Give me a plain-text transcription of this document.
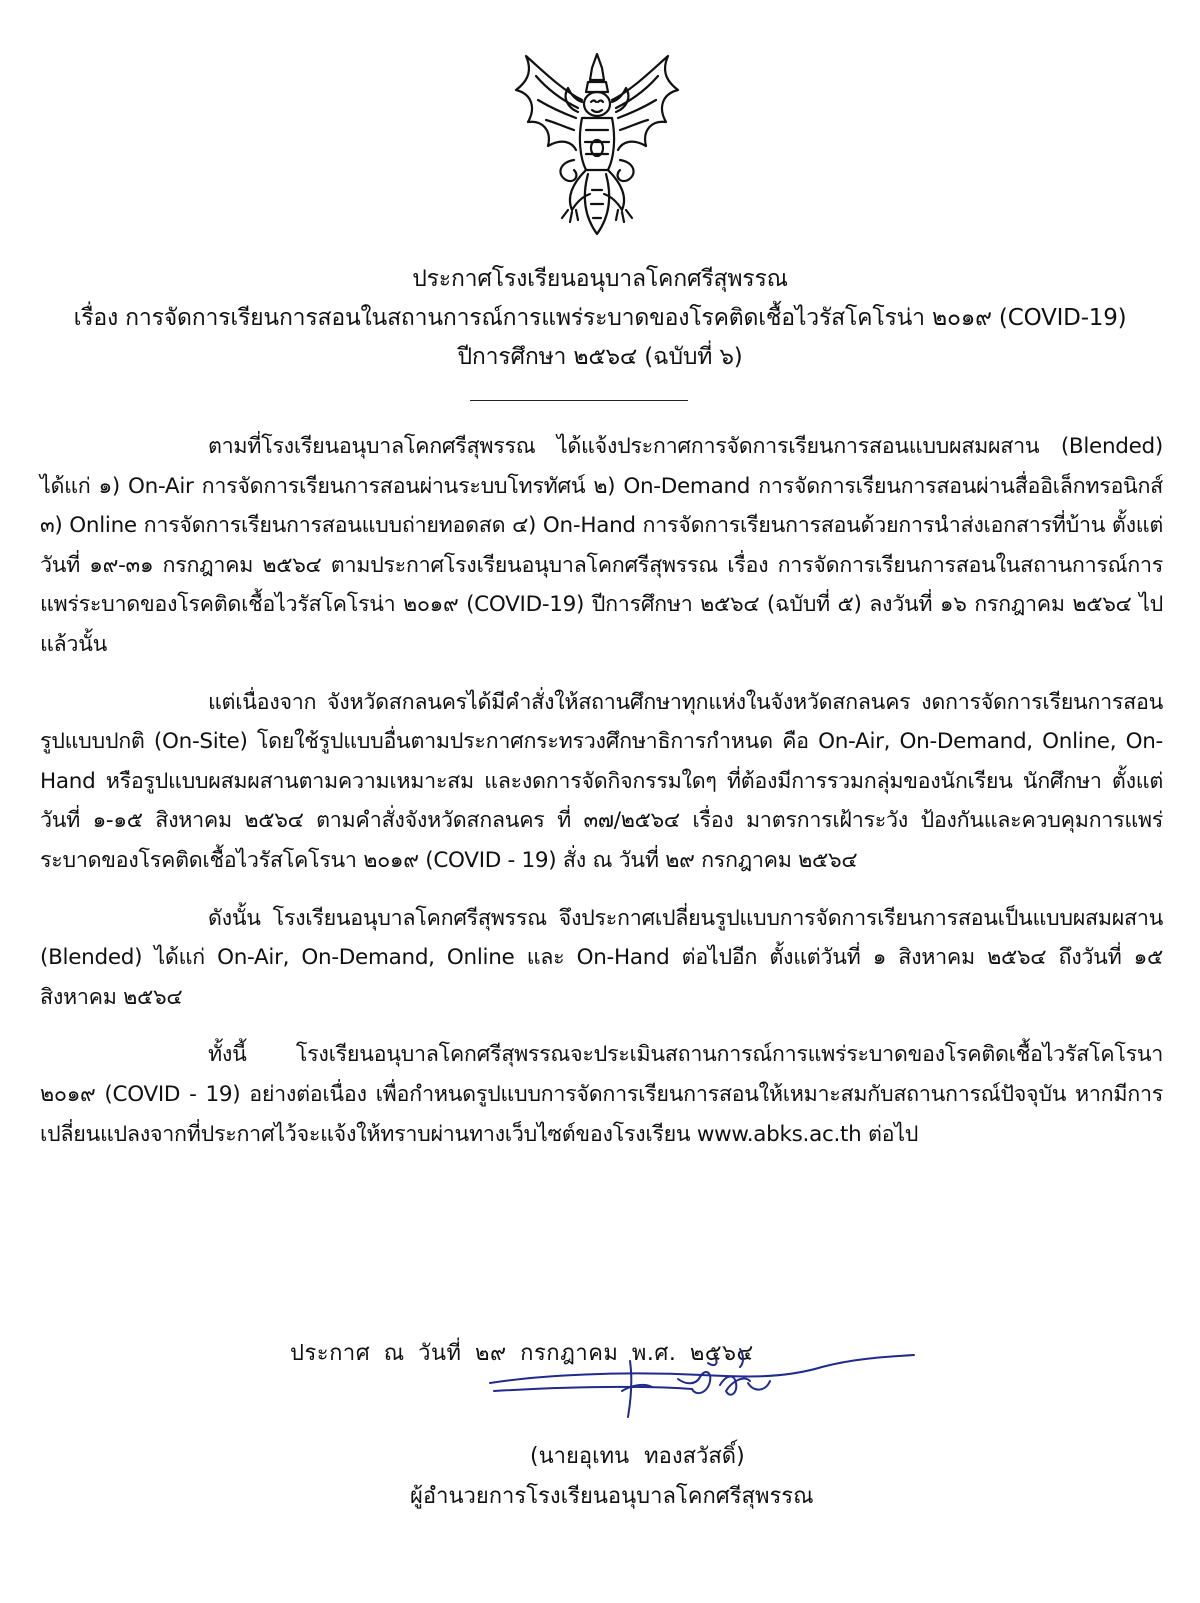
ประกาศโรงเรียนอนุบาลโคกศรีสุพรรณ
เรื่อง การจัดการเรียนการสอนในสถานการณ์การแพร่ระบาดของโรคติดเชื้อไวรัสโคโรน่า ๒๐๑๙ (COVID-19)
ปีการศึกษา ๒๕๖๔ (ฉบับที่ ๖)

ตามที่โรงเรียนอนุบาลโคกศรีสุพรรณ ได้แจ้งประกาศการจัดการเรียนการสอนแบบผสมผสาน (Blended) ได้แก่ ๑) On-Air การจัดการเรียนการสอนผ่านระบบโทรทัศน์ ๒) On-Demand การจัดการเรียนการสอนผ่านสื่ออิเล็กทรอนิกส์ ๓) Online การจัดการเรียนการสอนแบบถ่ายทอดสด ๔) On-Hand การจัดการเรียนการสอนด้วยการนำส่งเอกสารที่บ้าน ตั้งแต่วันที่ ๑๙-๓๑ กรกฎาคม ๒๕๖๔ ตามประกาศโรงเรียนอนุบาลโคกศรีสุพรรณ เรื่อง การจัดการเรียนการสอนในสถานการณ์การแพร่ระบาดของโรคติดเชื้อไวรัสโคโรน่า ๒๐๑๙ (COVID-19) ปีการศึกษา ๒๕๖๔ (ฉบับที่ ๕) ลงวันที่ ๑๖ กรกฎาคม ๒๕๖๔ ไปแล้วนั้น

แต่เนื่องจาก จังหวัดสกลนครได้มีคำสั่งให้สถานศึกษาทุกแห่งในจังหวัดสกลนคร งดการจัดการเรียนการสอนรูปแบบปกติ (On-Site) โดยใช้รูปแบบอื่นตามประกาศกระทรวงศึกษาธิการกำหนด คือ On-Air, On-Demand, Online, On-Hand หรือรูปแบบผสมผสานตามความเหมาะสม และงดการจัดกิจกรรมใดๆ ที่ต้องมีการรวมกลุ่มของนักเรียน นักศึกษา ตั้งแต่วันที่ ๑-๑๕ สิงหาคม ๒๕๖๔ ตามคำสั่งจังหวัดสกลนคร ที่ ๓๗/๒๕๖๔ เรื่อง มาตรการเฝ้าระวัง ป้องกันและควบคุมการแพร่ระบาดของโรคติดเชื้อไวรัสโคโรนา ๒๐๑๙ (COVID - 19) สั่ง ณ วันที่ ๒๙ กรกฎาคม ๒๕๖๔

ดังนั้น โรงเรียนอนุบาลโคกศรีสุพรรณ จึงประกาศเปลี่ยนรูปแบบการจัดการเรียนการสอนเป็นแบบผสมผสาน (Blended) ได้แก่ On-Air, On-Demand, Online และ On-Hand ต่อไปอีก ตั้งแต่วันที่ ๑ สิงหาคม ๒๕๖๔ ถึงวันที่ ๑๕ สิงหาคม ๒๕๖๔

ทั้งนี้ โรงเรียนอนุบาลโคกศรีสุพรรณจะประเมินสถานการณ์การแพร่ระบาดของโรคติดเชื้อไวรัสโคโรนา ๒๐๑๙ (COVID - 19) อย่างต่อเนื่อง เพื่อกำหนดรูปแบบการจัดการเรียนการสอนให้เหมาะสมกับสถานการณ์ปัจจุบัน หากมีการเปลี่ยนแปลงจากที่ประกาศไว้จะแจ้งให้ทราบผ่านทางเว็บไซต์ของโรงเรียน www.abks.ac.th ต่อไป

ประกาศ ณ วันที่ ๒๙ กรกฎาคม พ.ศ. ๒๕๖๔
(นายอุเทน ทองสวัสดิ์)
ผู้อำนวยการโรงเรียนอนุบาลโคกศรีสุพรรณ
